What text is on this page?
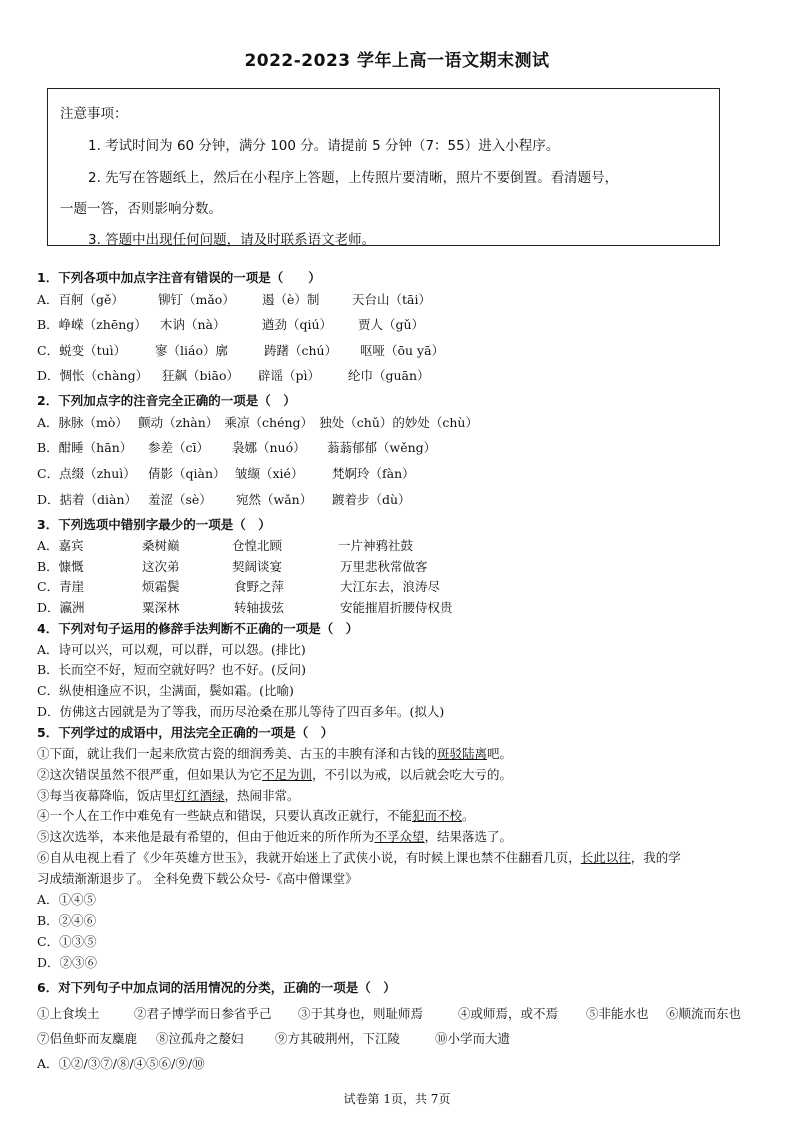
2022-2023 学年上高一语文期末测试
注意事项：
1. 考试时间为 60 分钟，满分 100 分。请提前 5 分钟（7：55）进入小程序。
2. 先写在答题纸上，然后在小程序上答题，上传照片要清晰，照片不要倒置。看清题号，
一题一答，否则影响分数。
3. 答题中出现任何问题，请及时联系语文老师。
1．下列各项中加点字注音有错误的一项是（　　）
A．百舸（gě）	铆钉（mǎo） 遏（è）制	天台山（tāi）
B．峥嵘（zhēng） 木讷（nà）	遒劲（qiú） 贾人（gǔ）
C．蜕变（tuì） 寥（liáo）廓	踌躇（chú） 呕哑（ōu yā）
D．惆怅（chàng） 狂飙（biāo） 辟谣（pì） 纶巾（guān）
2．下列加点字的注音完全正确的一项是（　）
A．脉脉（mò）　 颤动（zhàn）　乘凉（chéng）　独处（chǔ）的妙处（chù）
B．酣睡（hān） 参差（cī） 袅娜（nuó） 蓊蓊郁郁（wěng）
C．点缀（zhuì） 倩影（qiàn） 皱缬（xié） 梵婀玲（fàn）
D．掂着（diàn） 羞涩（sè） 宛然（wǎn） 踱着步（dù）
3．下列选项中错别字最少的一项是（　）
A．嘉宾	桑树巅	仓惶北顾	一片神鸦社鼓
B．慷慨	这次弟	契阔谈宴	万里悲秋常做客
C．青崖	烦霜鬓	食野之萍	大江东去，浪涛尽
D．瀛洲	粟深林	转轴拔弦	安能摧眉折腰侍权贵
4．下列对句子运用的修辞手法判断不正确的一项是（　）
A．诗可以兴，可以观，可以群，可以怨。(排比)
B．长而空不好，短而空就好吗？也不好。(反问)
C．纵使相逢应不识，尘满面，鬓如霜。(比喻)
D．仿佛这古园就是为了等我，而历尽沧桑在那儿等待了四百多年。(拟人)
5．下列学过的成语中，用法完全正确的一项是（　）
①下面，就让我们一起来欣赏古瓷的细润秀美、古玉的丰腴有泽和古钱的斑驳陆离吧。
②这次错误虽然不很严重，但如果认为它不足为训，不引以为戒，以后就会吃大亏的。
③每当夜幕降临，饭店里灯红酒绿，热闹非常。
④一个人在工作中难免有一些缺点和错误，只要认真改正就行，不能犯而不校。
⑤这次选举，本来他是最有希望的，但由于他近来的所作所为不孚众望，结果落选了。
⑥自从电视上看了《少年英雄方世玉》，我就开始迷上了武侠小说，有时候上课也禁不住翻看几页，长此以往，我的学
习成绩渐渐退步了。 全科免费下载公众号-《高中僧课堂》
A．①④⑤
B．②④⑥
C．①③⑤
D．②③⑥
6．对下列句子中加点词的活用情况的分类，正确的一项是（　）
①上食埃土	②君子博学而日参省乎己 ③于其身也，则耻师焉	④或师焉，或不焉 ⑤非能水也 ⑥顺流而东也
⑦侣鱼虾而友麋鹿 ⑧泣孤舟之嫠妇	⑨方其破荆州，下江陵	⑩小学而大遗
A．①②/③⑦/⑧/④⑤⑥/⑨/⑩
试卷第 1页，共 7页
